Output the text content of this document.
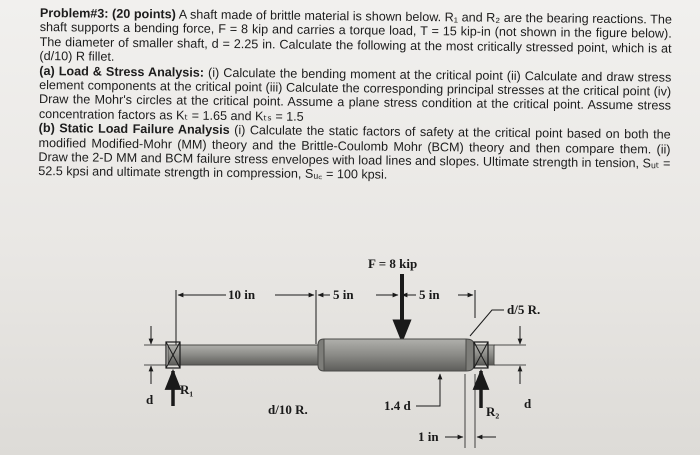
Problem#3: (20 points) A shaft made of brittle material is shown below. R₁ and R₂ are the bearing reactions. The shaft supports a bending force, F = 8 kip and carries a torque load, T = 15 kip-in (not shown in the figure below). The diameter of smaller shaft, d = 2.25 in. Calculate the following at the most critically stressed point, which is at (d/10) R fillet.

(a) Load & Stress Analysis: (i) Calculate the bending moment at the critical point (ii) Calculate and draw stress element components at the critical point (iii) Calculate the corresponding principal stresses at the critical point (iv) Draw the Mohr's circles at the critical point. Assume a plane stress condition at the critical point. Assume stress concentration factors as Kₜ = 1.65 and Kₜₛ = 1.5

(b) Static Load Failure Analysis (i) Calculate the static factors of safety at the critical point based on both the modified Modified-Mohr (MM) theory and the Brittle-Coulomb Mohr (BCM) theory and then compare them. (ii) Draw the 2-D MM and BCM failure stress envelopes with load lines and slopes. Ultimate strength in tension, Sᵤₜ = 52.5 kpsi and ultimate strength in compression, Sᵤ꜀ = 100 kpsi.

F = 8 kip
10 in	5 in	5 in
d
R₁
R₂
d
d/5 R.
d/10 R.	1.4 d
1 in
